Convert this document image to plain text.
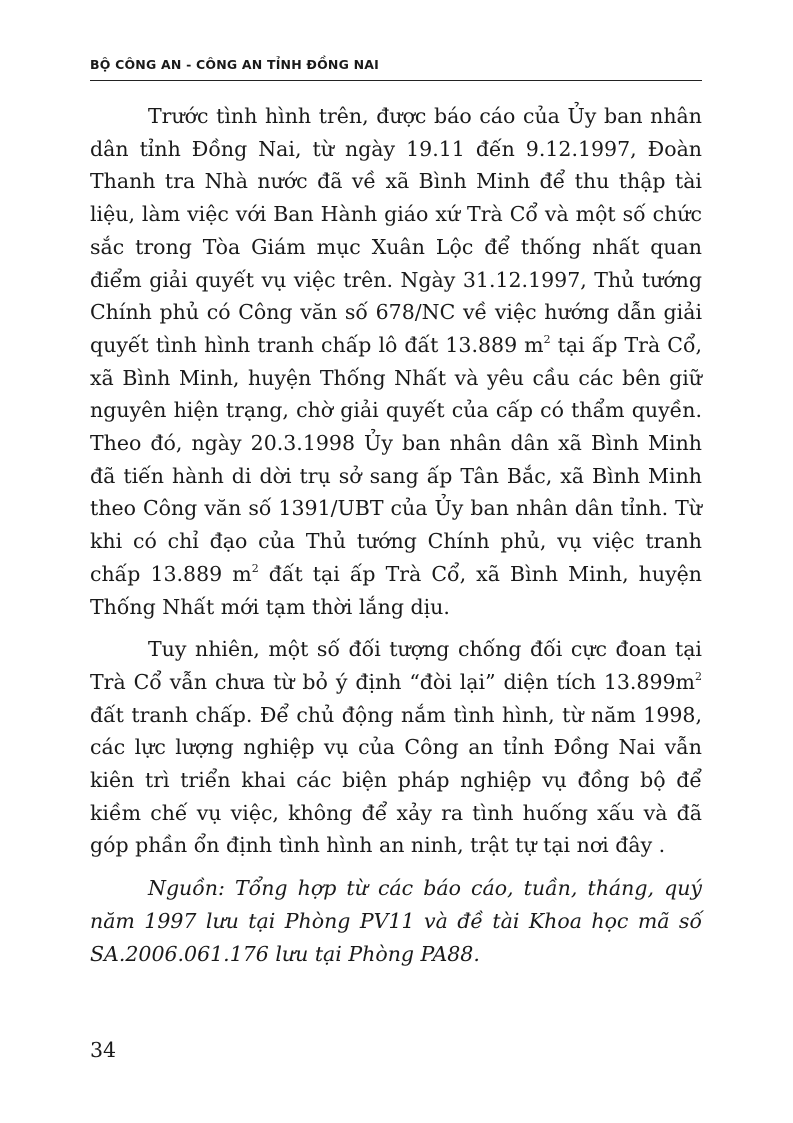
BỘ CÔNG AN - CÔNG AN TỈNH ĐỒNG NAI

Trước tình hình trên, được báo cáo của Ủy ban nhân dân tỉnh Đồng Nai, từ ngày 19.11 đến 9.12.1997, Đoàn Thanh tra Nhà nước đã về xã Bình Minh để thu thập tài liệu, làm việc với Ban Hành giáo xứ Trà Cổ và một số chức sắc trong Tòa Giám mục Xuân Lộc để thống nhất quan điểm giải quyết vụ việc trên. Ngày 31.12.1997, Thủ tướng Chính phủ có Công văn số 678/NC về việc hướng dẫn giải quyết tình hình tranh chấp lô đất 13.889 $m^2$ tại ấp Trà Cổ, xã Bình Minh, huyện Thống Nhất và yêu cầu các bên giữ nguyên hiện trạng, chờ giải quyết của cấp có thẩm quyền. Theo đó, ngày 20.3.1998 Ủy ban nhân dân xã Bình Minh đã tiến hành di dời trụ sở sang ấp Tân Bắc, xã Bình Minh theo Công văn số 1391/UBT của Ủy ban nhân dân tỉnh. Từ khi có chỉ đạo của Thủ tướng Chính phủ, vụ việc tranh chấp 13.889 $m^2$ đất tại ấp Trà Cổ, xã Bình Minh, huyện Thống Nhất mới tạm thời lắng dịu.

Tuy nhiên, một số đối tượng chống đối cực đoan tại Trà Cổ vẫn chưa từ bỏ ý định “đòi lại” diện tích $13.899m^2$ đất tranh chấp. Để chủ động nắm tình hình, từ năm 1998, các lực lượng nghiệp vụ của Công an tỉnh Đồng Nai vẫn kiên trì triển khai các biện pháp nghiệp vụ đồng bộ để kiềm chế vụ việc, không để xảy ra tình huống xấu và đã góp phần ổn định tình hình an ninh, trật tự tại nơi đây .

Nguồn: Tổng hợp từ các báo cáo, tuần, tháng, quý năm 1997 lưu tại Phòng PV11 và đề tài Khoa học mã số SA.2006.061.176 lưu tại Phòng PA88.

34
